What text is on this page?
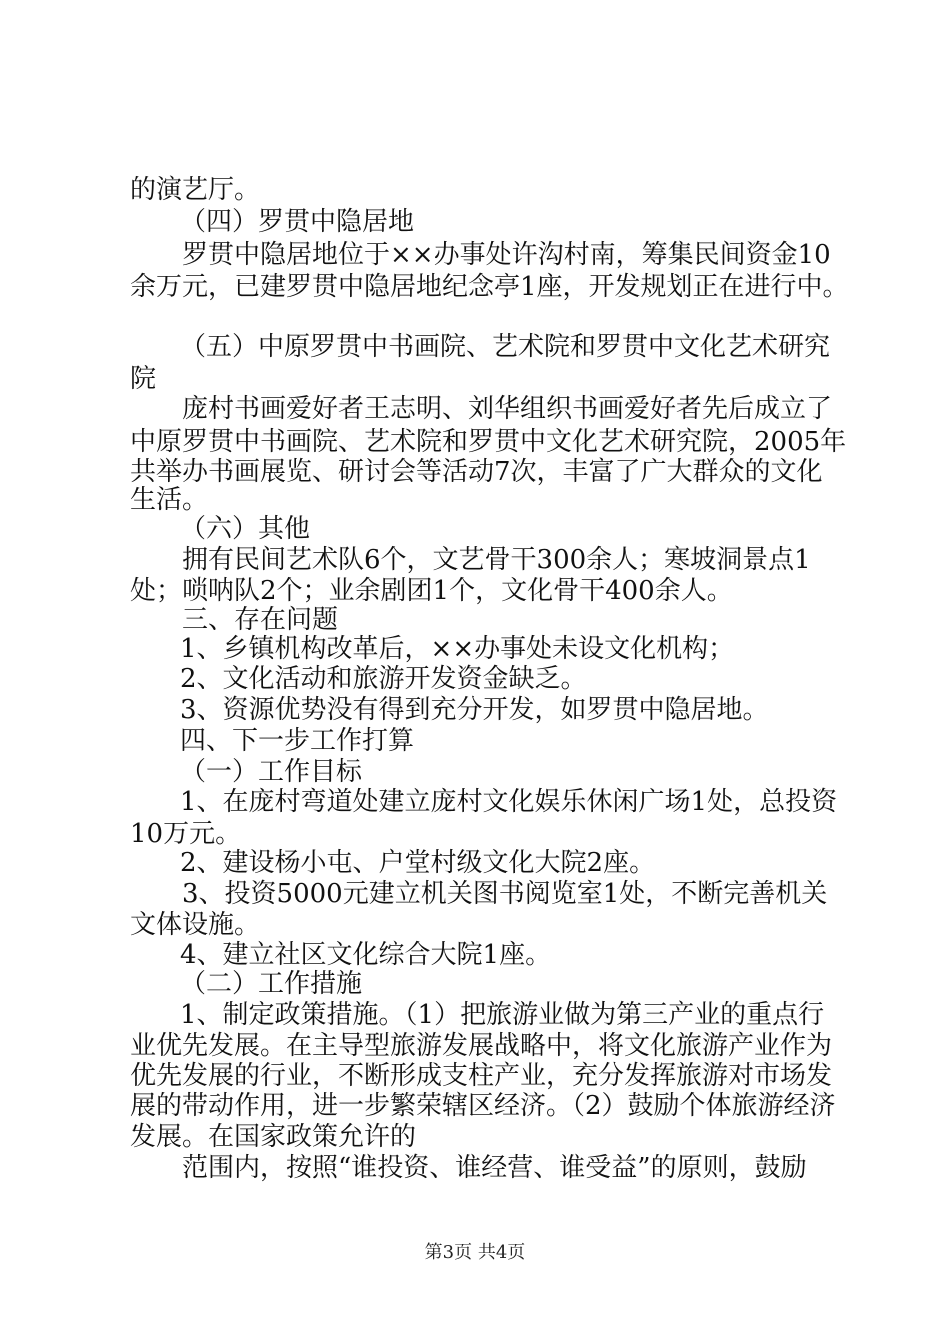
的演艺厅。
（四）罗贯中隐居地
罗贯中隐居地位于××办事处许沟村南，筹集民间资金10
余万元，已建罗贯中隐居地纪念亭1座，开发规划正在进行中。
（五）中原罗贯中书画院、艺术院和罗贯中文化艺术研究
院
庞村书画爱好者王志明、刘华组织书画爱好者先后成立了
中原罗贯中书画院、艺术院和罗贯中文化艺术研究院，2005年
共举办书画展览、研讨会等活动7次，丰富了广大群众的文化
生活。
（六）其他
拥有民间艺术队6个，文艺骨干300余人；寒坡洞景点1
处；唢呐队2个；业余剧团1个，文化骨干400余人。
三、存在问题
1、乡镇机构改革后，××办事处未设文化机构；
2、文化活动和旅游开发资金缺乏。
3、资源优势没有得到充分开发，如罗贯中隐居地。
四、下一步工作打算
（一）工作目标
1、在庞村弯道处建立庞村文化娱乐休闲广场1处，总投资
10万元。
2、建设杨小屯、户堂村级文化大院2座。
3、投资5000元建立机关图书阅览室1处，不断完善机关
文体设施。
4、建立社区文化综合大院1座。
（二）工作措施
1、制定政策措施。（1）把旅游业做为第三产业的重点行
业优先发展。在主导型旅游发展战略中，将文化旅游产业作为
优先发展的行业，不断形成支柱产业，充分发挥旅游对市场发
展的带动作用，进一步繁荣辖区经济。（2）鼓励个体旅游经济
发展。在国家政策允许的
范围内，按照“谁投资、谁经营、谁受益”的原则，鼓励
第3页 共4页
